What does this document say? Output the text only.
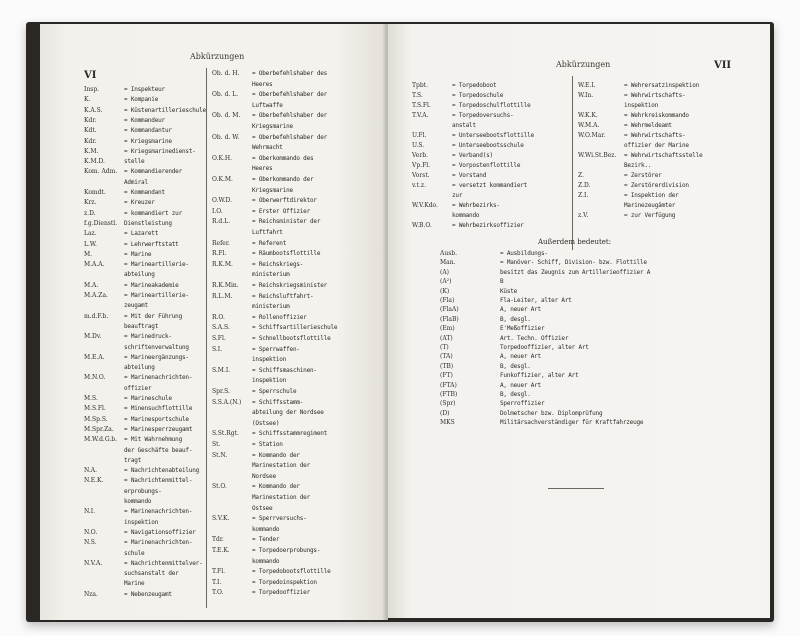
Abkürzungen
VI
Insp.	= Inspekteur
K.	= Kompanie
K.A.S.	= Küstenartillerieschule
Kdr.	= Kommandeur
Kdt.	= Kommandantur
Kdr.	= Kriegsmarine
K.M.	= Kriegsmarinedienst-
K.M.D.	stelle
Kom. Adm.	= Kommandierender
Admiral
Komdt.	= Kommandant
Krz.	= Kreuzer
z.D.	= kommandiert zur
f.g.Dienstl.	Dienstleistung
Laz.	= Lazarett
L.W.	= Lehrwerftstatt
M.	= Marine
M.A.A.	= Marineartillerie-
abteilung
M.A.	= Marineakademie
M.A.Za.	= Marineartillerie-
zeugamt
m.d.F.b.	= Mit der Führung
beauftragt
M.Dv.	= Marinedruck-
schriftenverwaltung
M.E.A.	= Marineergänzungs-
abteilung
M.N.O.	= Marinenachrichten-
offizier
M.S.	= Marineschule
M.S.Fl.	= Minensuchflottille
M.Sp.S.	= Marinesportschule
M.Spr.Za.	= Marinesperrzeugamt
M.W.d.G.b.	= Mit Wahrnehmung
der Geschäfte beauf-
tragt
N.A.	= Nachrichtenabteilung
N.E.K.	= Nachrichtenmittel-
erprobungs-
kommando
N.I.	= Marinenachrichten-
inspektion
N.O.	= Navigationsoffizier
N.S.	= Marinenachrichten-
schule
N.V.A.	= Nachrichtenmittelver-
suchsanstalt der
Marine
Nza.	= Nebenzeugamt
Ob. d. H.	= Oberbefehlshaber des
Heeres
Ob. d. L.	= Oberbefehlshaber der
Luftwaffe
Ob. d. M.	= Oberbefehlshaber der
Kriegsmarine
Ob. d. W.	= Oberbefehlshaber der
Wehrmacht
O.K.H.	= Oberkommando des
Heeres
O.K.M.	= Oberkommando der
Kriegsmarine
O.W.D.	= Oberwerftdirektor
I.O.	= Erster Offizier
R.d.L.	= Reichsminister der
Luftfahrt
Refer.	= Referent
R.Fl.	= Räumbootsflottille
R.K.M.	= Reichskriegs-
ministerium
R.K.Min.	= Reichskriegsminister
R.L.M.	= Reichsluftfahrt-
ministerium
R.O.	= Rollenoffizier
S.A.S.	= Schiffsartillerieschule
S.Fl.	= Schnellbootsflottille
S.I.	= Sperrwaffen-
inspektion
S.M.I.	= Schiffsmaschinen-
inspektion
Spr.S.	= Sperrschule
S.S.A.(N.)	= Schiffsstamm-
abteilung der Nordsee
(Ostsee)
S.St.Rgt.	= Schiffsstammregiment
St.	= Station
St.N.	= Kommando der
Marinestation der
Nordsee
St.O.	= Kommando der
Marinestation der
Ostsee
S.V.K.	= Sperrversuchs-
kommando
Tdr.	= Tender
T.E.K.	= Torpedoerprobungs-
kommando
T.Fl.	= Torpedobootsflottille
T.I.	= Torpedoinspektion
T.O.	= Torpedooffizier
Abkürzungen	VII
Tpbt.	= Torpedoboot
T.S.	= Torpedoschule
T.S.Fl.	= Torpedoschulflottille
T.V.A.	= Torpedoversuchs-
anstalt
U.Fl.	= Unterseebootsflottille
U.S.	= Unterseebootsschule
Verb.	= Verband(s)
Vp.Fl.	= Vorpostenflottille
Vorst.	= Vorstand
v.t.z.	= versetzt kommandiert
zur
W.V.Kdo.	= Wehrbezirks-
kommando
W.B.O.	= Wehrbezirksoffizier
W.E.I.	= Wehrersatzinspektion
W.In.	= Wehrwirtschafts-
inspektion
W.K.K.	= Wehrkreiskommando
W.M.A.	= Wehrmeldeamt
W.O.Mar.	= Wehrwirtschafts-
offizier der Marine
W.Wi.St.Bez.	= Wehrwirtschaftsstelle
Bezirk..
Z.	= Zerstörer
Z.D.	= Zerstörerdivision
Z.I.	= Inspektion der
Marinezeugämter
z.V.	= zur Verfügung
Außerdem bedeutet:
Ausb.	= Ausbildungs-
Man.	= Manöver- Schiff, Division- bzw. Flottille
(A)	besitzt das Zeugnis zum Artillerieoffizier A
(A²)	B
(K)	Küste
(Fla)	Fla-Leiter, alter Art
(FlaA)	A, neuer Art
(FlaB)	B, desgl.
(Em)	E'Meßoffizier
(AT)	Art. Techn. Offizier
(T)	Torpedooffizier, alter Art
(TA)	A, neuer Art
(TB)	B, desgl.
(FT)	Funkoffizier, alter Art
(FTA)	A, neuer Art
(FTB)	B, desgl.
(Spr)	Sperroffizier
(D)	Dolmetscher bzw. Diplomprüfung
MKS	Militärsachverständiger für Kraftfahrzeuge
